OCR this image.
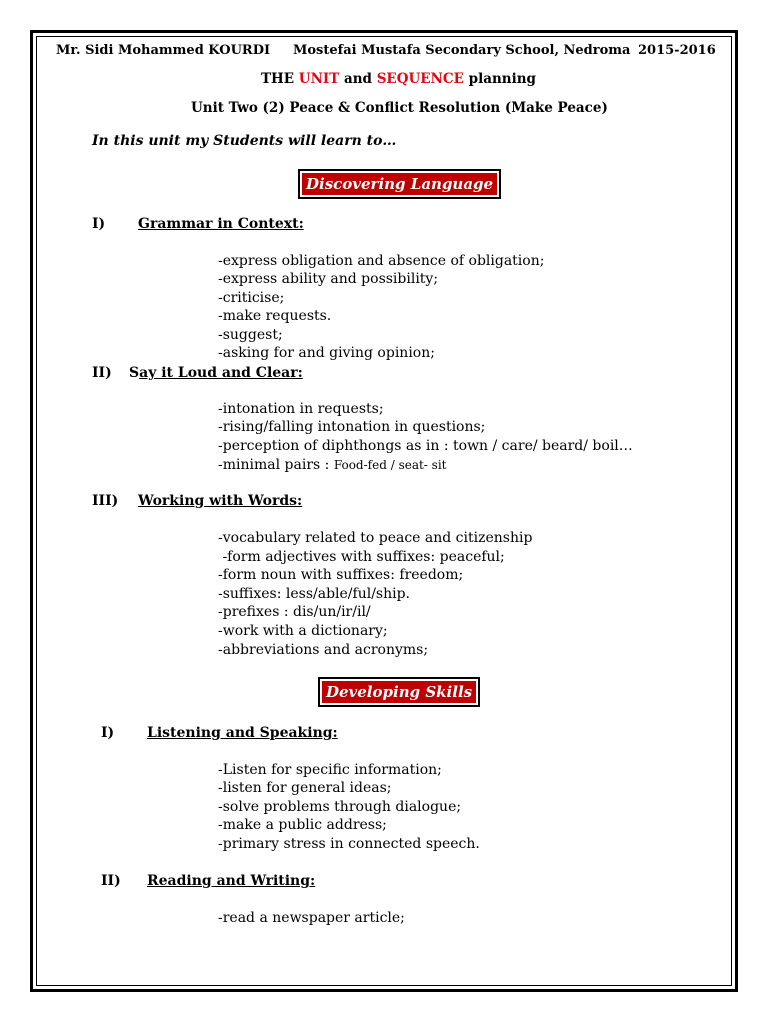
Mr. Sidi Mohammed KOURDI Mostefai Mustafa Secondary School, Nedroma 2015-2016
THE UNIT and SEQUENCE planning
Unit Two (2) Peace & Conflict Resolution (Make Peace)
In this unit my Students will learn to…
Discovering Language
I) Grammar in Context:
-express obligation and absence of obligation;
-express ability and possibility;
-criticise;
-make requests.
-suggest;
-asking for and giving opinion;
II) Say it Loud and Clear:
-intonation in requests;
-rising/falling intonation in questions;
-perception of diphthongs as in : town / care/ beard/ boil…
-minimal pairs : Food-fed / seat- sit
III) Working with Words:
-vocabulary related to peace and citizenship
-form adjectives with suffixes: peaceful;
-form noun with suffixes: freedom;
-suffixes: less/able/ful/ship.
-prefixes : dis/un/ir/il/
-work with a dictionary;
-abbreviations and acronyms;
Developing Skills
I) Listening and Speaking:
-Listen for specific information;
-listen for general ideas;
-solve problems through dialogue;
-make a public address;
-primary stress in connected speech.
II) Reading and Writing:
-read a newspaper article;
